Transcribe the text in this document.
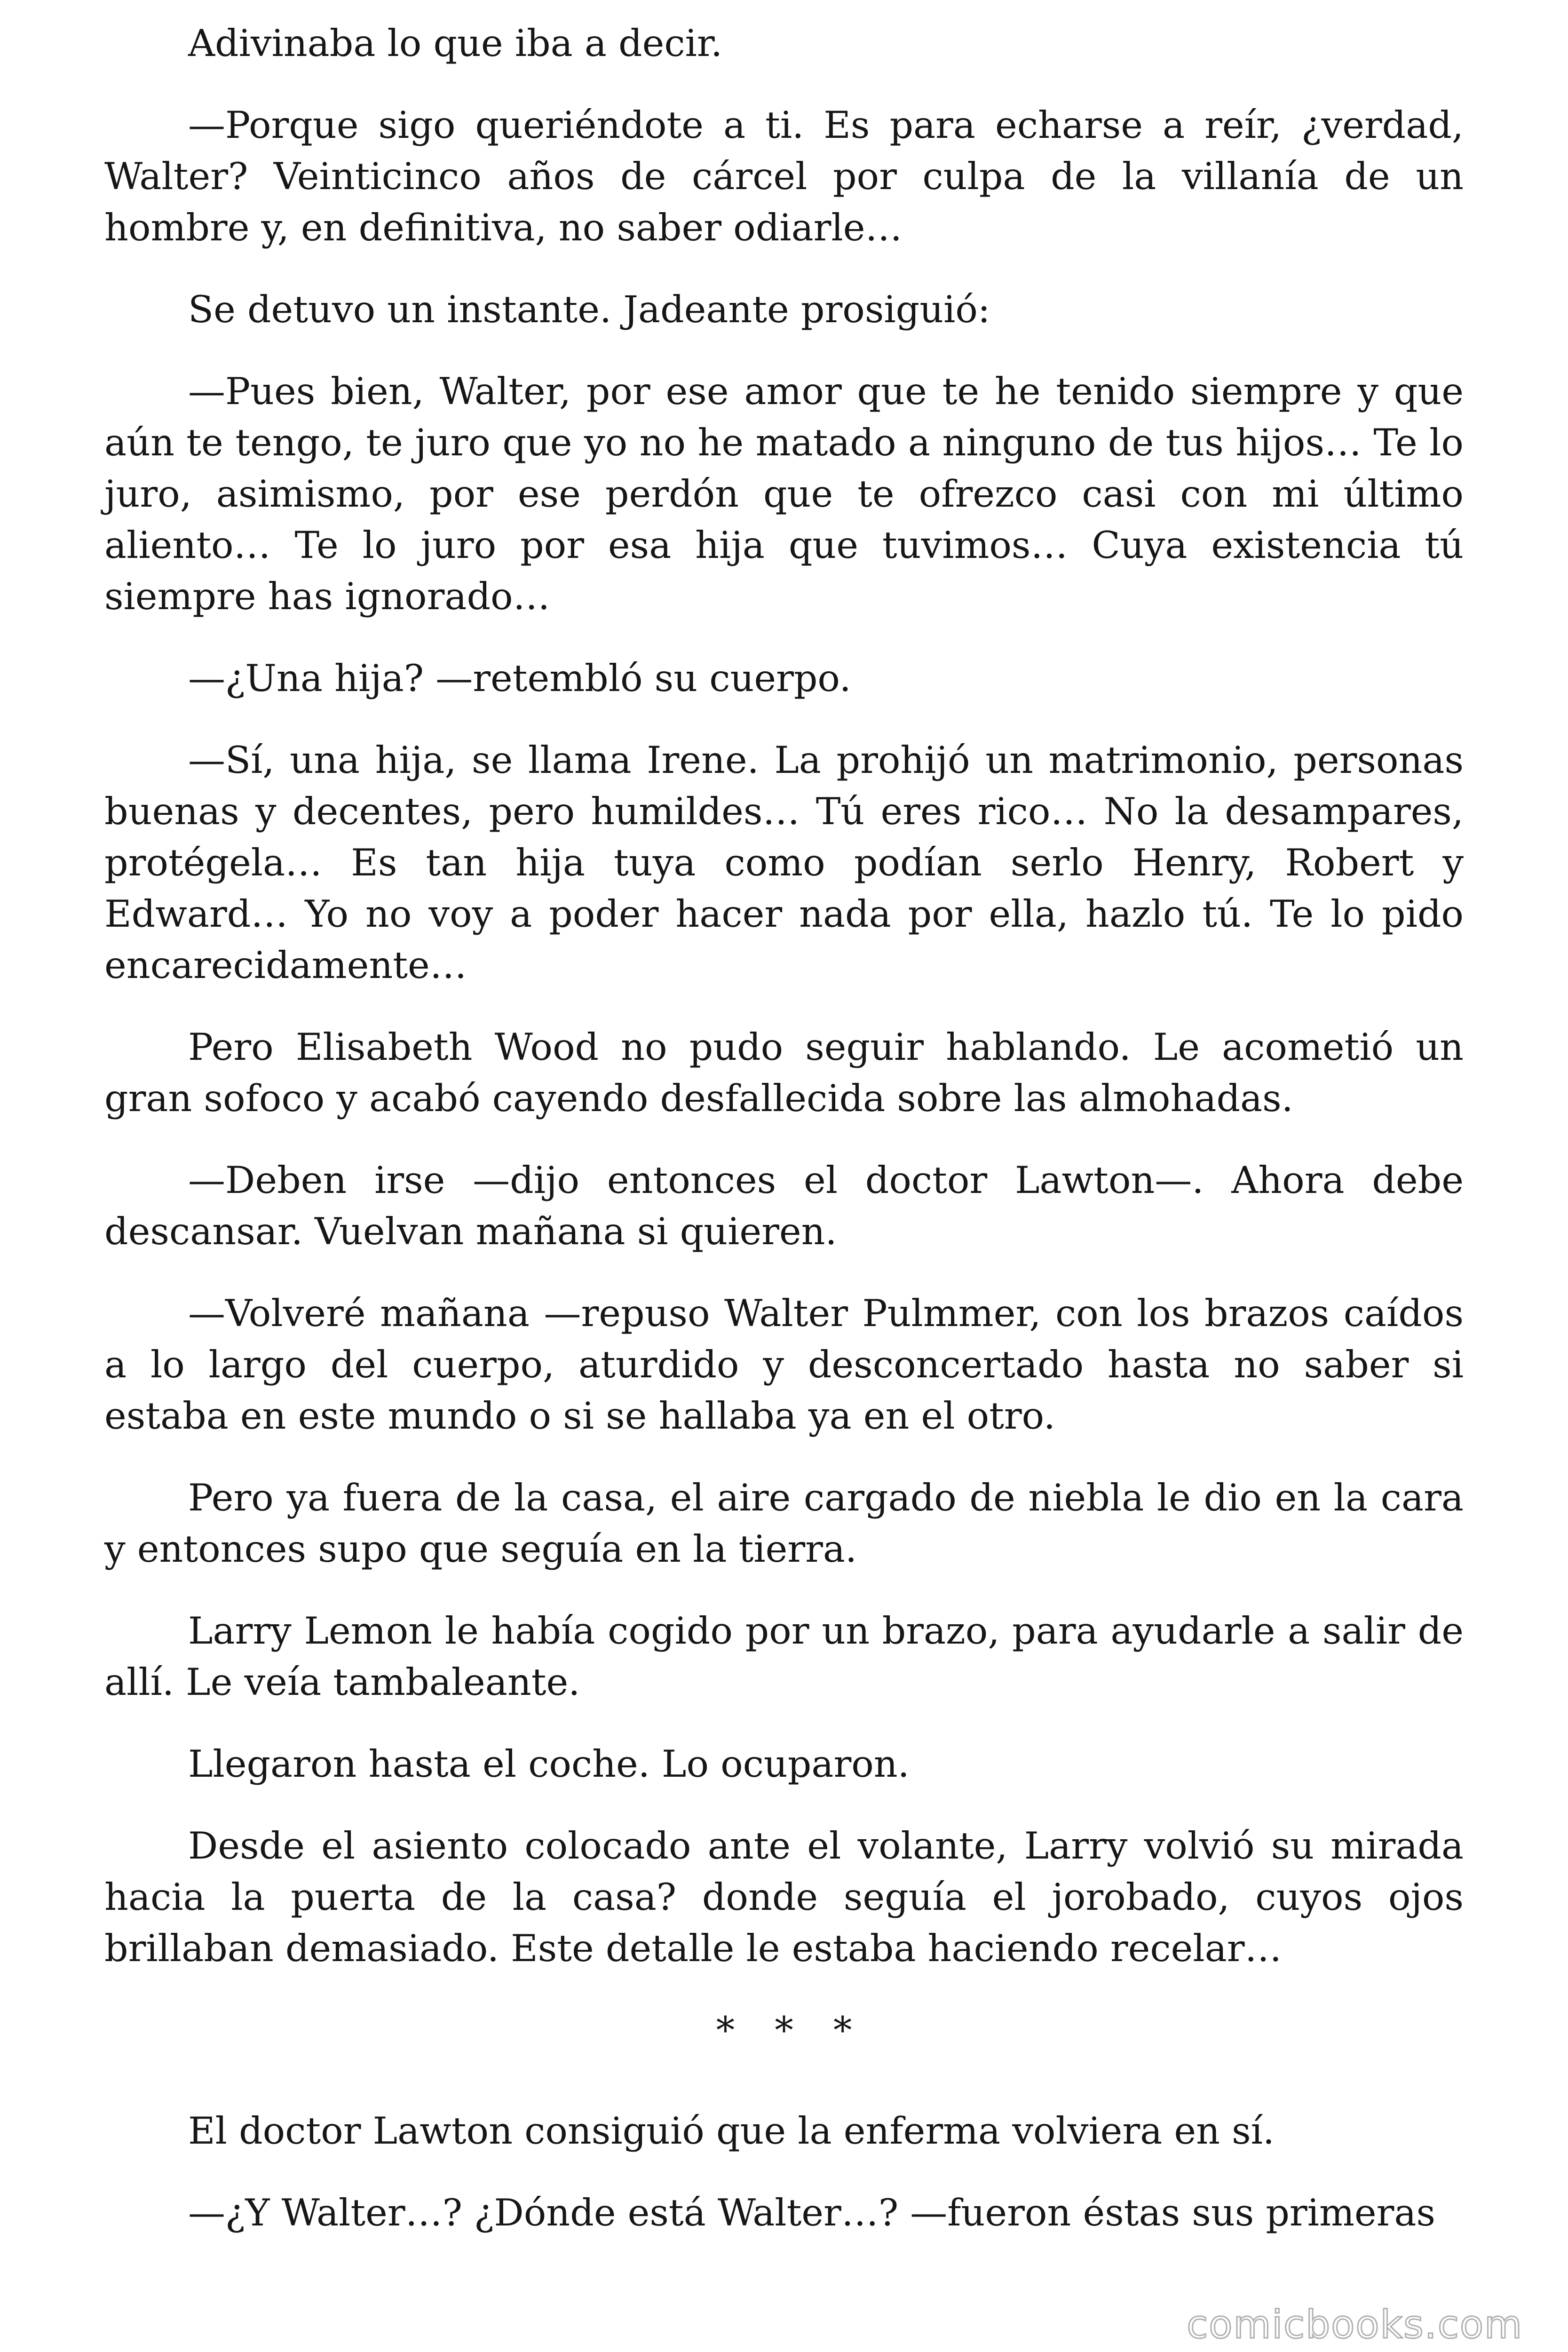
Adivinaba lo que iba a decir.

—Porque sigo queriéndote a ti. Es para echarse a reír, ¿verdad, Walter? Veinticinco años de cárcel por culpa de la villanía de un hombre y, en definitiva, no saber odiarle…

Se detuvo un instante. Jadeante prosiguió:

—Pues bien, Walter, por ese amor que te he tenido siempre y que aún te tengo, te juro que yo no he matado a ninguno de tus hijos… Te lo juro, asimismo, por ese perdón que te ofrezco casi con mi último aliento… Te lo juro por esa hija que tuvimos… Cuya existencia tú siempre has ignorado…

—¿Una hija? —retembló su cuerpo.

—Sí, una hija, se llama Irene. La prohijó un matrimonio, personas buenas y decentes, pero humildes… Tú eres rico… No la desampares, protégela… Es tan hija tuya como podían serlo Henry, Robert y Edward… Yo no voy a poder hacer nada por ella, hazlo tú. Te lo pido encarecidamente…

Pero Elisabeth Wood no pudo seguir hablando. Le acometió un gran sofoco y acabó cayendo desfallecida sobre las almohadas.

—Deben irse —dijo entonces el doctor Lawton—. Ahora debe descansar. Vuelvan mañana si quieren.

—Volveré mañana —repuso Walter Pulmmer, con los brazos caídos a lo largo del cuerpo, aturdido y desconcertado hasta no saber si estaba en este mundo o si se hallaba ya en el otro.

Pero ya fuera de la casa, el aire cargado de niebla le dio en la cara y entonces supo que seguía en la tierra.

Larry Lemon le había cogido por un brazo, para ayudarle a salir de allí. Le veía tambaleante.

Llegaron hasta el coche. Lo ocuparon.

Desde el asiento colocado ante el volante, Larry volvió su mirada hacia la puerta de la casa? donde seguía el jorobado, cuyos ojos brillaban demasiado. Este detalle le estaba haciendo recelar…

* * *

El doctor Lawton consiguió que la enferma volviera en sí.

—¿Y Walter…? ¿Dónde está Walter…? —fueron éstas sus primeras

comicbooks.com
